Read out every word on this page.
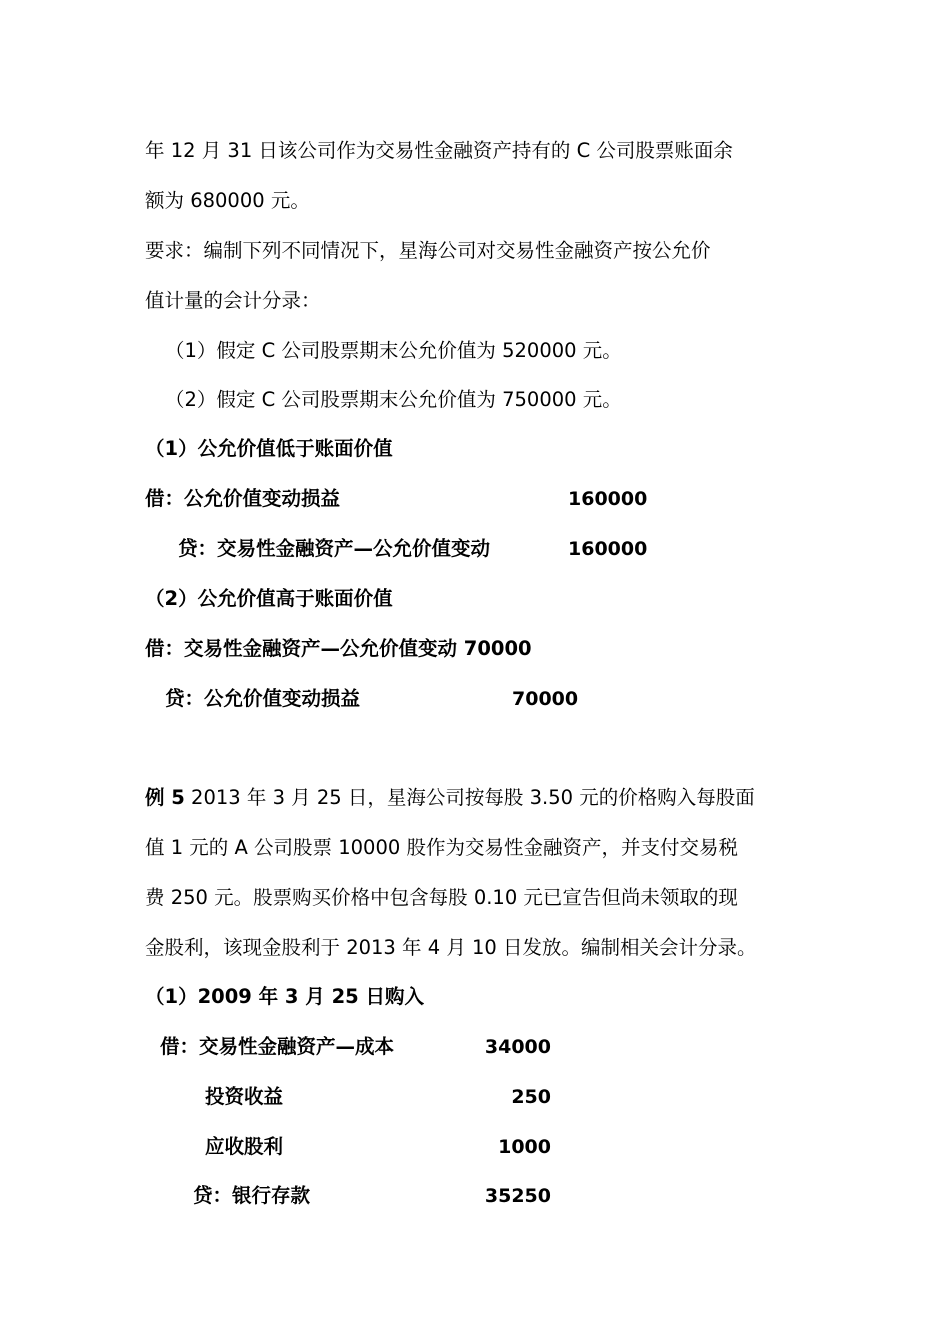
年 12 月 31 日该公司作为交易性金融资产持有的 C 公司股票账面余
额为 680000 元。
要求：编制下列不同情况下，星海公司对交易性金融资产按公允价
值计量的会计分录：
（1）假定 C 公司股票期末公允价值为 520000 元。
（2）假定 C 公司股票期末公允价值为 750000 元。
（1）公允价值低于账面价值
借：公允价值变动损益	160000
贷：交易性金融资产—公允价值变动	160000
（2）公允价值高于账面价值
借：交易性金融资产—公允价值变动 70000
贷：公允价值变动损益	70000
例 5 2013 年 3 月 25 日，星海公司按每股 3.50 元的价格购入每股面
值 1 元的 A 公司股票 10000 股作为交易性金融资产，并支付交易税
费 250 元。股票购买价格中包含每股 0.10 元已宣告但尚未领取的现
金股利，该现金股利于 2013 年 4 月 10 日发放。编制相关会计分录。
（1）2009 年 3 月 25 日购入
借：交易性金融资产—成本	34000
投资收益	250
应收股利	1000
贷：银行存款	35250
